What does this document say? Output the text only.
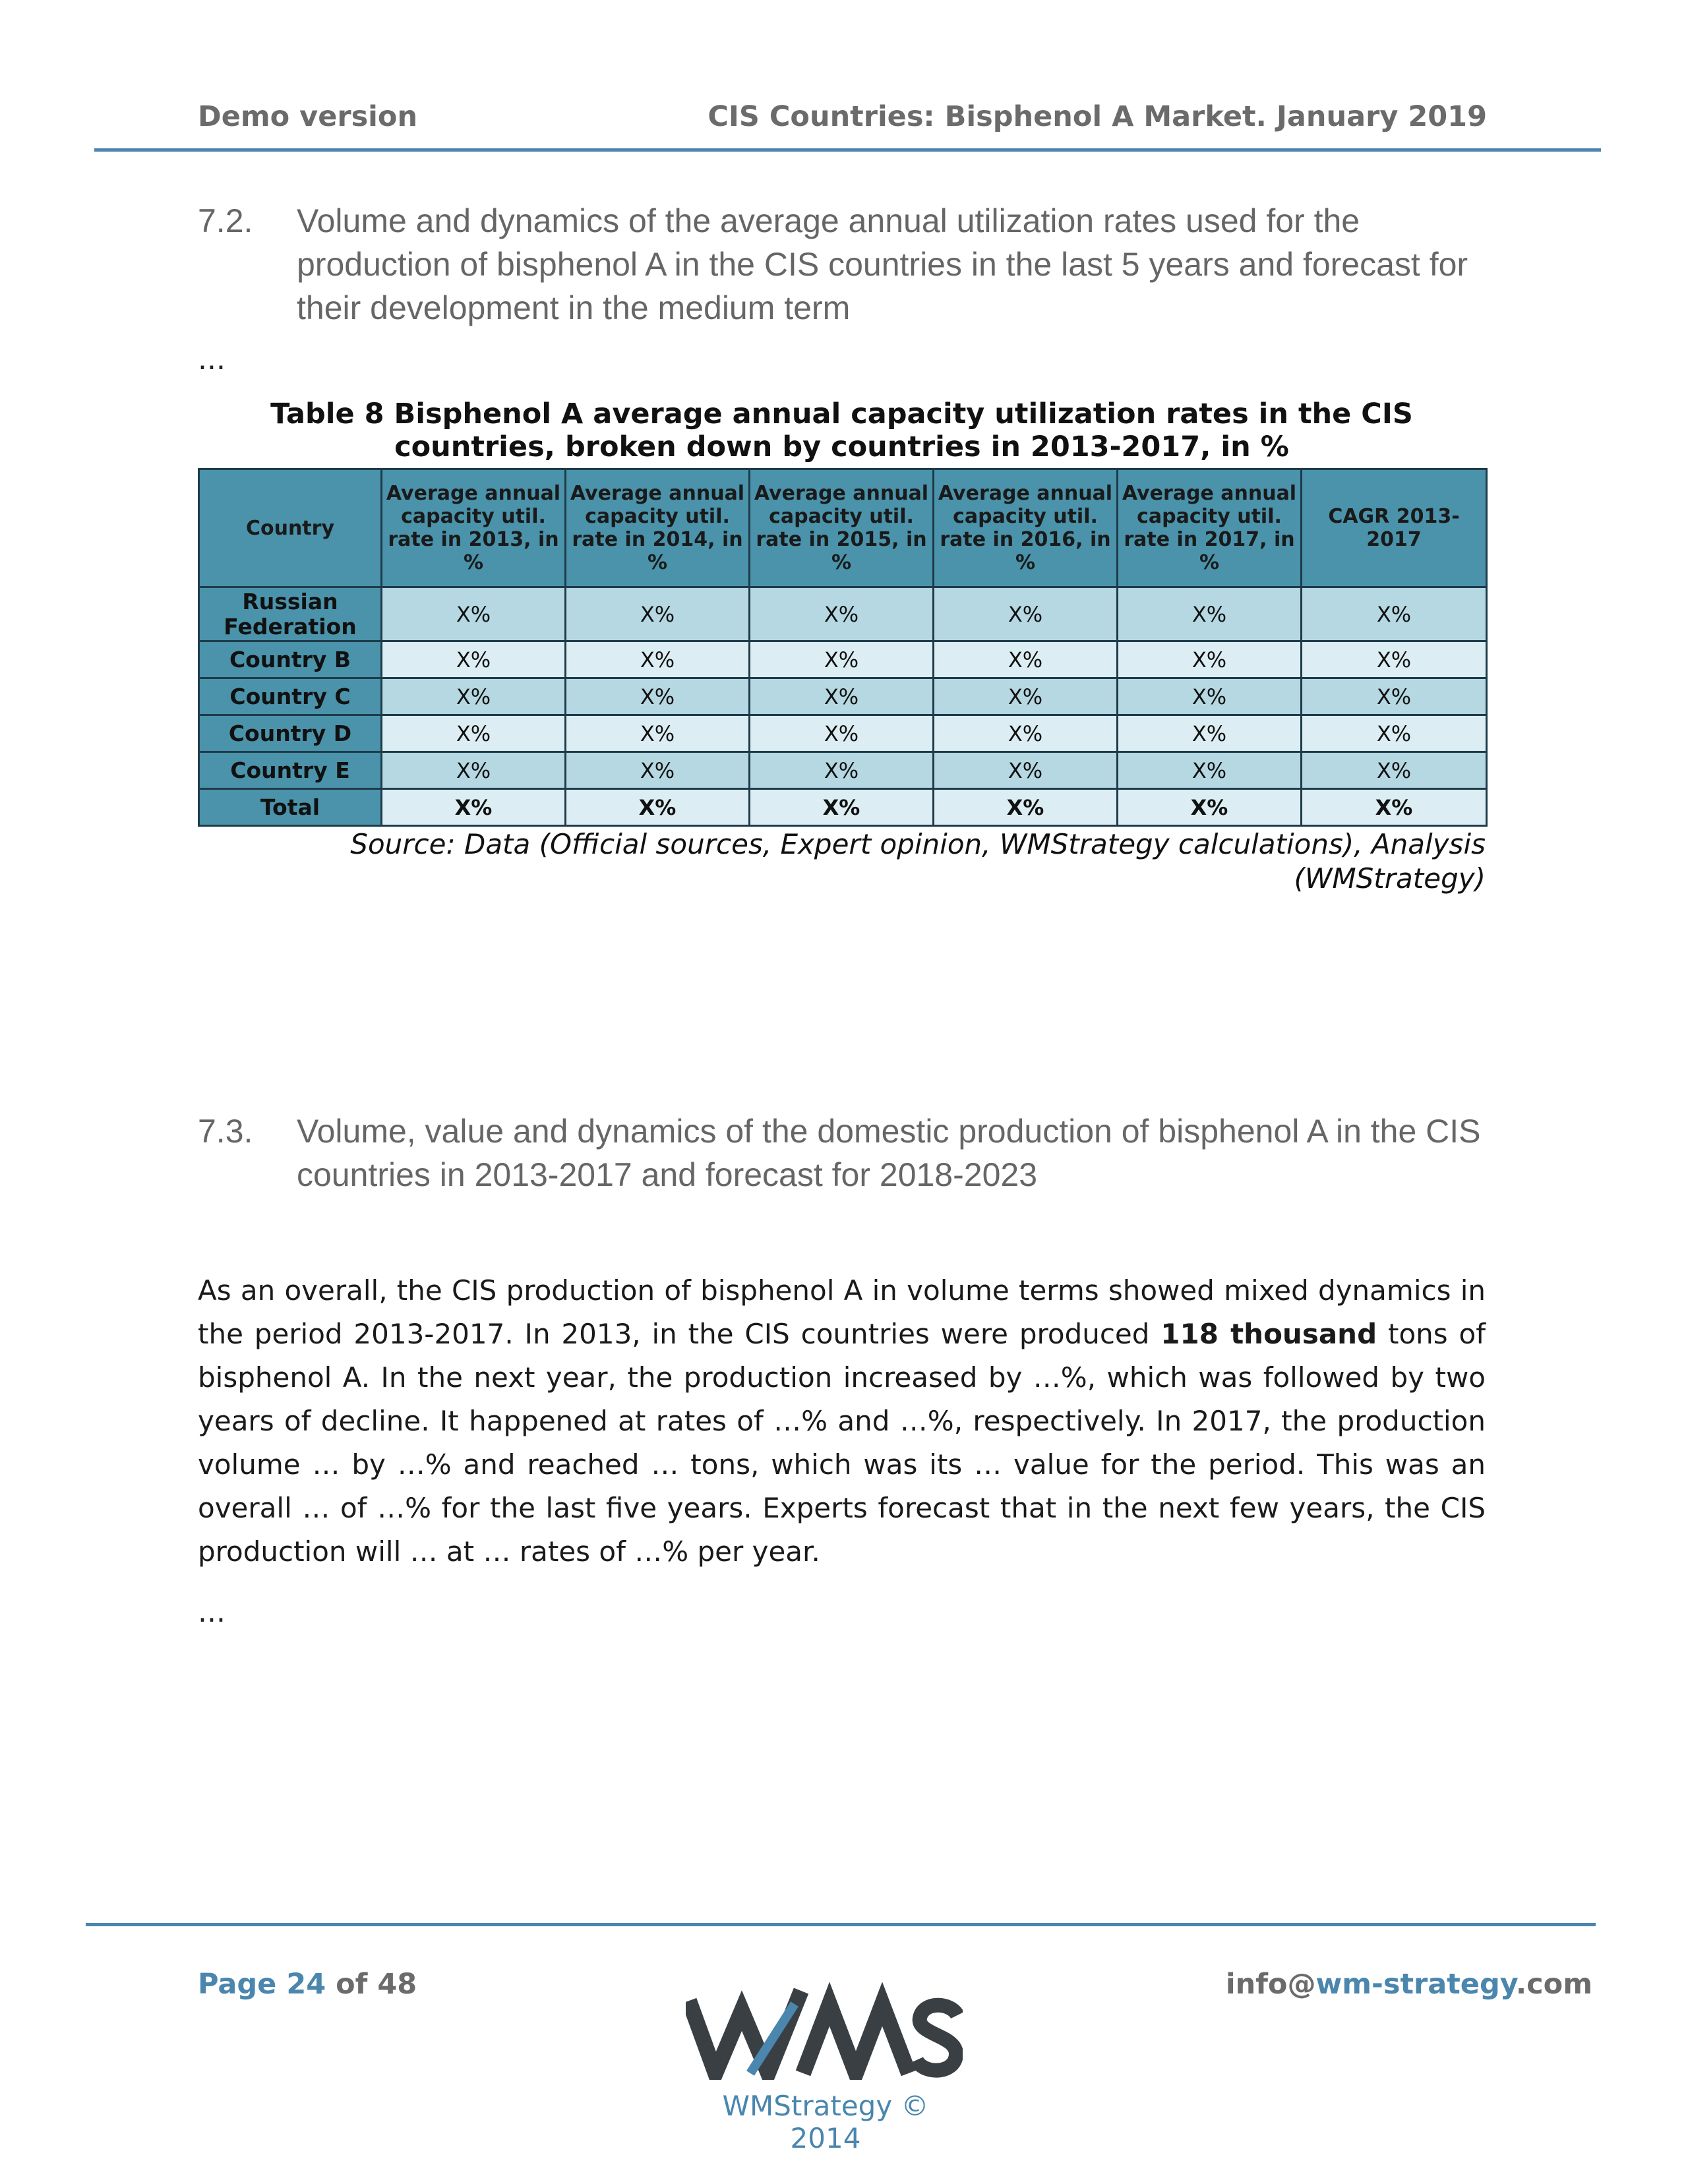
Demo version	CIS Countries: Bisphenol A Market. January 2019
7.2. Volume and dynamics of the average annual utilization rates used for the production of bisphenol A in the CIS countries in the last 5 years and forecast for their development in the medium term
...
Table 8 Bisphenol A average annual capacity utilization rates in the CIS countries, broken down by countries in 2013-2017, in %
Country	Average annual capacity util. rate in 2013, in %	Average annual capacity util. rate in 2014, in %	Average annual capacity util. rate in 2015, in %	Average annual capacity util. rate in 2016, in %	Average annual capacity util. rate in 2017, in %	CAGR 2013-2017
Russian Federation	X%	X%	X%	X%	X%	X%
Country B	X%	X%	X%	X%	X%	X%
Country C	X%	X%	X%	X%	X%	X%
Country D	X%	X%	X%	X%	X%	X%
Country E	X%	X%	X%	X%	X%	X%
Total	X%	X%	X%	X%	X%	X%
Source: Data (Official sources, Expert opinion, WMStrategy calculations), Analysis (WMStrategy)
7.3. Volume, value and dynamics of the domestic production of bisphenol A in the CIS countries in 2013-2017 and forecast for 2018-2023
As an overall, the CIS production of bisphenol A in volume terms showed mixed dynamics in the period 2013-2017. In 2013, in the CIS countries were produced 118 thousand tons of bisphenol A. In the next year, the production increased by …%, which was followed by two years of decline. It happened at rates of …% and …%, respectively. In 2017, the production volume … by …% and reached … tons, which was its … value for the period. This was an overall … of …% for the last five years. Experts forecast that in the next few years, the CIS production will … at … rates of …% per year.
...
Page 24 of 48	info@wm-strategy.com
WMStrategy © 2014
